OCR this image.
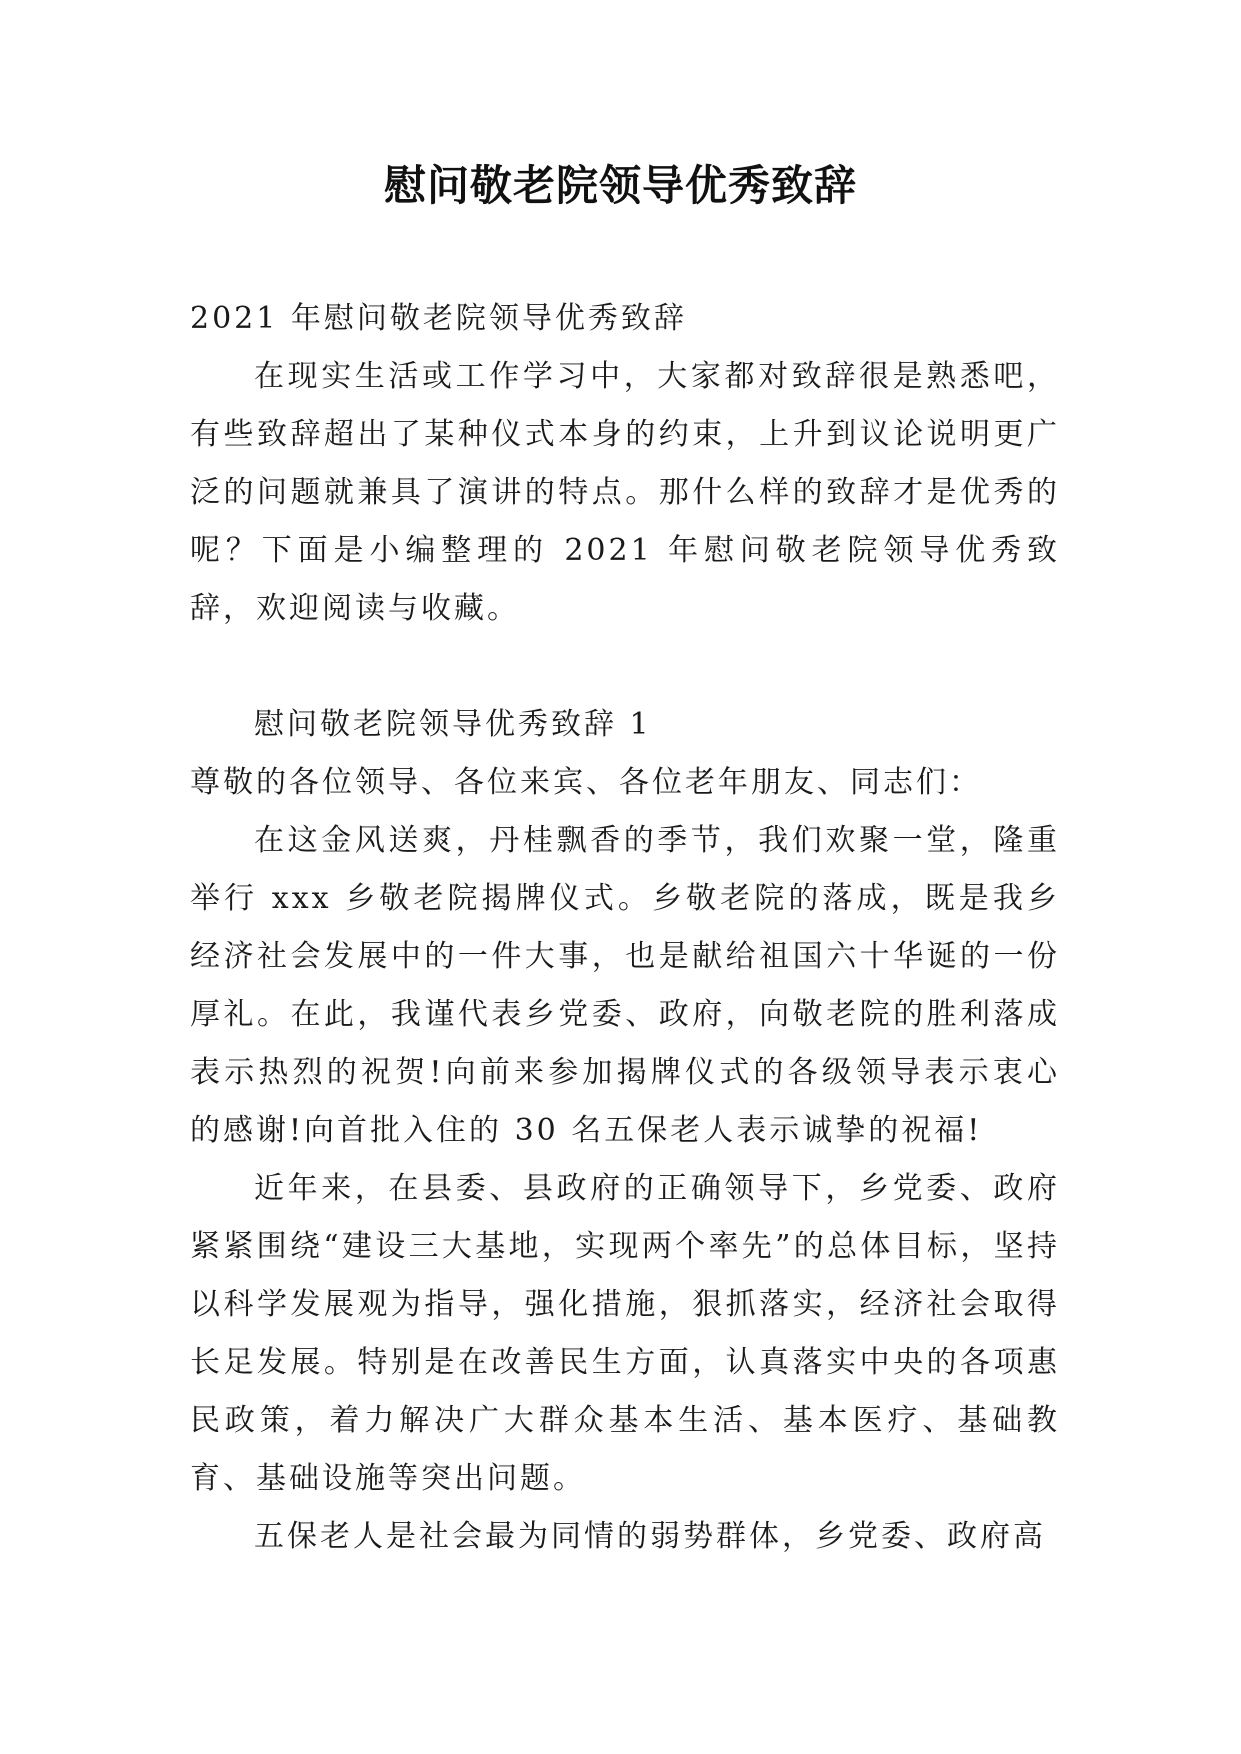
慰问敬老院领导优秀致辞

2021 年慰问敬老院领导优秀致辞

在现实生活或工作学习中，大家都对致辞很是熟悉吧，有些致辞超出了某种仪式本身的约束，上升到议论说明更广泛的问题就兼具了演讲的特点。那什么样的致辞才是优秀的呢？下面是小编整理的 2021 年慰问敬老院领导优秀致辞，欢迎阅读与收藏。

慰问敬老院领导优秀致辞 1

尊敬的各位领导、各位来宾、各位老年朋友、同志们：

在这金风送爽，丹桂飘香的季节，我们欢聚一堂，隆重举行 xxx 乡敬老院揭牌仪式。乡敬老院的落成，既是我乡经济社会发展中的一件大事，也是献给祖国六十华诞的一份厚礼。在此，我谨代表乡党委、政府，向敬老院的胜利落成表示热烈的祝贺!向前来参加揭牌仪式的各级领导表示衷心的感谢!向首批入住的 30 名五保老人表示诚挚的祝福!

近年来，在县委、县政府的正确领导下，乡党委、政府紧紧围绕“建设三大基地，实现两个率先”的总体目标，坚持以科学发展观为指导，强化措施，狠抓落实，经济社会取得长足发展。特别是在改善民生方面，认真落实中央的各项惠民政策，着力解决广大群众基本生活、基本医疗、基础教育、基础设施等突出问题。

五保老人是社会最为同情的弱势群体，乡党委、政府高
